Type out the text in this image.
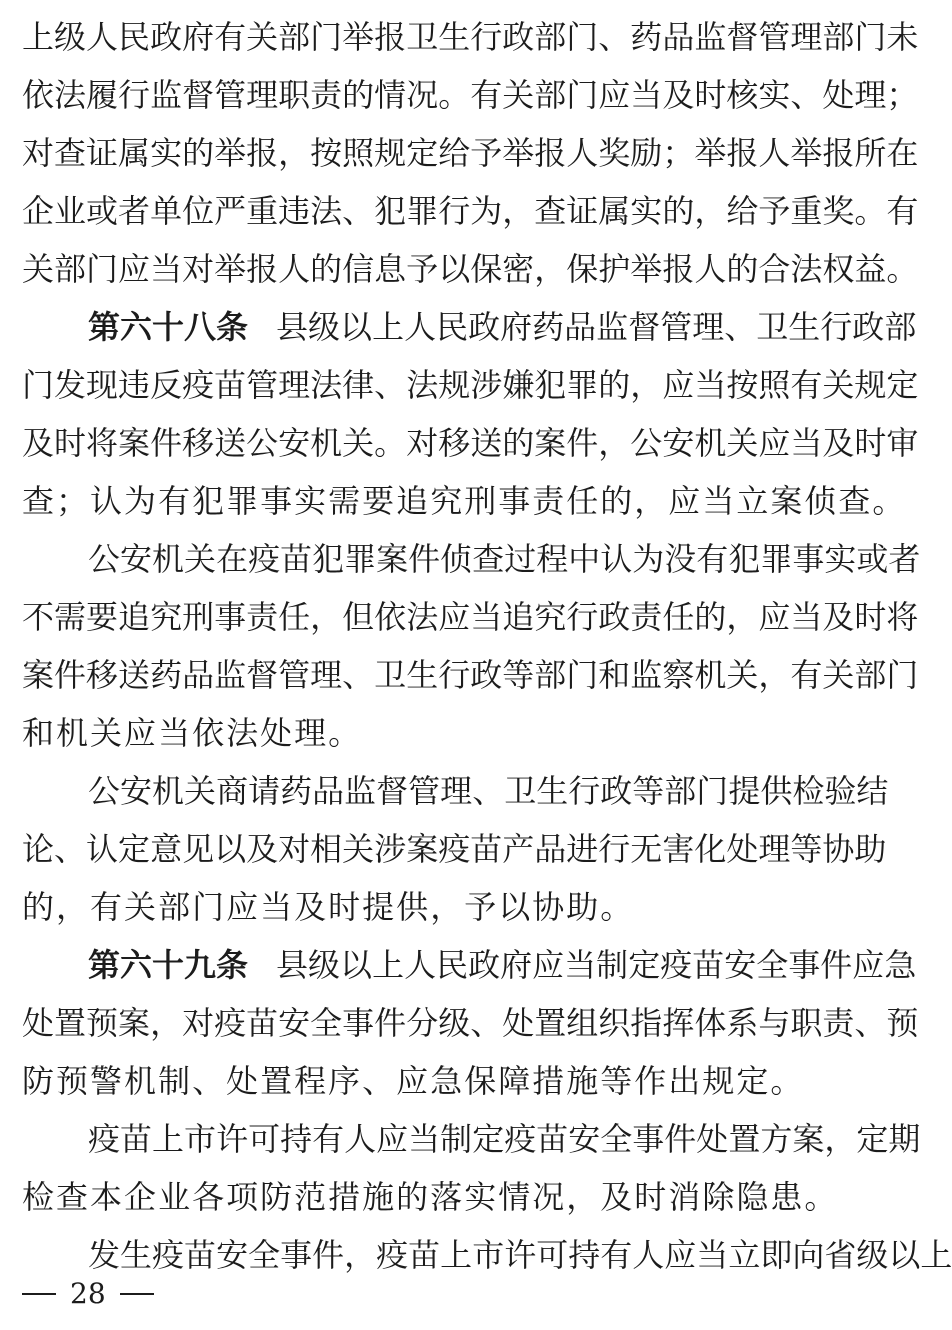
上 级 人 民 政 府 有 关 部 门 举 报 卫 生 行 政 部 门 、 药 品 监 督 管 理 部 门 未
依 法 履 行 监 督 管 理 职 责 的 情 况 。 有 关 部 门 应 当 及 时 核 实 、 处 理 ；
对 查 证 属 实 的 举 报 ， 按 照 规 定 给 予 举 报 人 奖 励 ； 举 报 人 举 报 所 在
企 业 或 者 单 位 严 重 违 法 、 犯 罪 行 为 ， 查 证 属 实 的 ， 给 予 重 奖 。 有
关 部 门 应 当 对 举 报 人 的 信 息 予 以 保 密 ， 保 护 举 报 人 的 合 法 权 益 。
第六十八条 县 级 以 上 人 民 政 府 药 品 监 督 管 理 、 卫 生 行 政 部
门 发 现 违 反 疫 苗 管 理 法 律 、 法 规 涉 嫌 犯 罪 的 ， 应 当 按 照 有 关 规 定
及 时 将 案 件 移 送 公 安 机 关 。 对 移 送 的 案 件 ， 公 安 机 关 应 当 及 时 审
查 ； 认 为 有 犯 罪 事 实 需 要 追 究 刑 事 责 任 的 ， 应 当 立 案 侦 查 。
公 安 机 关 在 疫 苗 犯 罪 案 件 侦 查 过 程 中 认 为 没 有 犯 罪 事 实 或 者
不 需 要 追 究 刑 事 责 任 ， 但 依 法 应 当 追 究 行 政 责 任 的 ， 应 当 及 时 将
案 件 移 送 药 品 监 督 管 理 、 卫 生 行 政 等 部 门 和 监 察 机 关 ， 有 关 部 门
和 机 关 应 当 依 法 处 理 。
公 安 机 关 商 请 药 品 监 督 管 理 、 卫 生 行 政 等 部 门 提 供 检 验 结
论 、 认 定 意 见 以 及 对 相 关 涉 案 疫 苗 产 品 进 行 无 害 化 处 理 等 协 助
的 ， 有 关 部 门 应 当 及 时 提 供 ， 予 以 协 助 。
第六十九条 县 级 以 上 人 民 政 府 应 当 制 定 疫 苗 安 全 事 件 应 急
处 置 预 案 ， 对 疫 苗 安 全 事 件 分 级 、 处 置 组 织 指 挥 体 系 与 职 责 、 预
防 预 警 机 制 、 处 置 程 序 、 应 急 保 障 措 施 等 作 出 规 定 。
疫 苗 上 市 许 可 持 有 人 应 当 制 定 疫 苗 安 全 事 件 处 置 方 案 ， 定 期
检 查 本 企 业 各 项 防 范 措 施 的 落 实 情 况 ， 及 时 消 除 隐 患 。
发 生 疫 苗 安 全 事 件 ， 疫 苗 上 市 许 可 持 有 人 应 当 立 即 向 省 级 以 上
28
